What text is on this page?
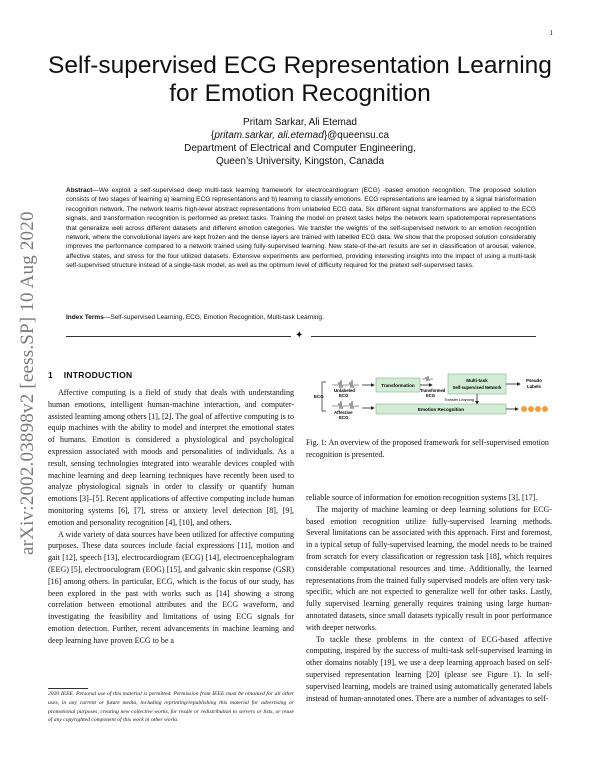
1
arXiv:2002.03898v2 [eess.SP] 10 Aug 2020
Self-supervised ECG Representation Learning
for Emotion Recognition
Pritam Sarkar, Ali Etemad
{pritam.sarkar, ali.etemad}@queensu.ca
Department of Electrical and Computer Engineering,
Queen’s University, Kingston, Canada
Abstract—We exploit a self-supervised deep multi-task learning framework for electrocardiogram (ECG) -based emotion recognition. The proposed solution consists of two stages of learning a) learning ECG representations and b) learning to classify emotions. ECG representations are learned by a signal transformation recognition network. The network learns high-level abstract representations from unlabeled ECG data. Six different signal transformations are applied to the ECG signals, and transformation recognition is performed as pretext tasks. Training the model on pretext tasks helps the network learn spatiotemporal representations that generalize well across different datasets and different emotion categories. We transfer the weights of the self-supervised network to an emotion recognition network, where the convolutional layers are kept frozen and the dense layers are trained with labelled ECG data. We show that the proposed solution considerably improves the performance compared to a network trained using fully-supervised learning. New state-of-the-art results are set in classification of arousal, valence, affective states, and stress for the four utilized datasets. Extensive experiments are performed, providing interesting insights into the impact of using a multi-task self-supervised structure instead of a single-task model, as well as the optimum level of difficulty required for the pretext self-supervised tasks.
Index Terms—Self-supervised Learning, ECG, Emotion Recognition, Multi-task Learning.
✦
1 INTRODUCTION

Affective computing is a field of study that deals with understanding human emotions, intelligent human-machine interaction, and computer-assisted learning among others [1], [2]. The goal of affective computing is to equip machines with the ability to model and interpret the emotional states of humans. Emotion is considered a physiological and psychological expression associated with moods and personalities of individuals. As a result, sensing technologies integrated into wearable devices coupled with machine learning and deep learning techniques have recently been used to analyze physiological signals in order to classify or quantify human emotions [3]–[5]. Recent applications of affective computing include human monitoring systems [6], [7], stress or anxiety level detection [8], [9], emotion and personality recognition [4], [10], and others.

A wide variety of data sources have been utilized for affective computing purposes. These data sources include facial expressions [11], motion and gait [12], speech [13], electrocardiogram (ECG) [14], electroencephalogram (EEG) [5], electrooculogram (EOG) [15], and galvanic skin response (GSR) [16] among others. In particular, ECG, which is the focus of our study, has been explored in the past with works such as [14] showing a strong correlation between emotional attributes and the ECG waveform, and investigating the feasibility and limitations of using ECG signals for emotion detection. Further, recent advancements in machine learning and deep learning have proven ECG to be a

2020 IEEE. Personal use of this material is permitted. Permission from IEEE must be obtained for all other uses, in any current or future media, including reprinting/republishing this material for advertising or promotional purposes, creating new collective works, for resale or redistribution to servers or lists, or reuse of any copyrighted component of this work in other works
ECG
Unlabeled
ECG
Transformation
Transformed
ECG
Multi-task
Self-supervised Network
Pseudo
Labels
Transfer Learning
Affective
ECG
Emotion Recognition
Fig. 1: An overview of the proposed framework for self-supervised emotion recognition is presented.

reliable source of information for emotion recognition systems [3], [17].

The majority of machine learning or deep learning solutions for ECG-based emotion recognition utilize fully-supervised learning methods. Several limitations can be associated with this approach. First and foremost, in a typical setup of fully-supervised learning, the model needs to be trained from scratch for every classification or regression task [18], which requires considerable computational resources and time. Additionally, the learned representations from the trained fully supervised models are often very task-specific, which are not expected to generalize well for other tasks. Lastly, fully supervised learning generally requires training using large human-annotated datasets, since small datasets typically result in poor performance with deeper networks.

To tackle these problems in the context of ECG-based affective computing, inspired by the success of multi-task self-supervised learning in other domains notably [19], we use a deep learning approach based on self-supervised representation learning [20] (please see Figure 1). In self-supervised learning, models are trained using automatically generated labels instead of human-annotated ones. There are a number of advantages to self-
